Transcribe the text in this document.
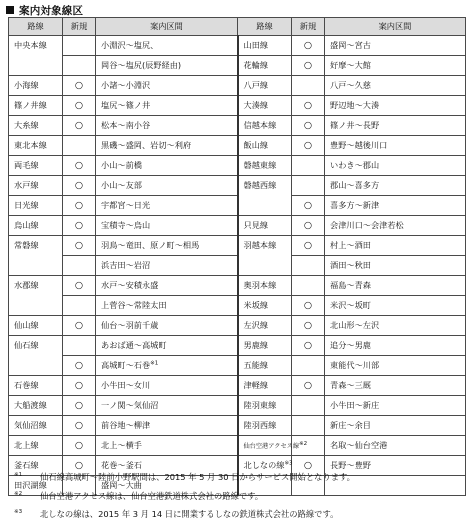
案内対象線区
路線	新規	案内区間	路線	新規	案内区間
中央本線		小淵沢～塩尻、	山田線	○	盛岡～宮古
		岡谷～塩尻(辰野経由)	花輪線	○	好摩～大館
小海線	○	小諸～小淵沢	八戸線		八戸～久慈
篠ノ井線	○	塩尻～篠ノ井	大湊線	○	野辺地～大湊
大糸線	○	松本～南小谷	信越本線	○	篠ノ井～長野
東北本線		黒磯～盛岡、岩切～利府	飯山線	○	豊野～越後川口
両毛線	○	小山～前橋	磐越東線		いわき～郡山
水戸線	○	小山～友部	磐越西線		郡山～喜多方
日光線	○	宇都宮～日光		○	喜多方～新津
烏山線	○	宝積寺～烏山	只見線	○	会津川口～会津若松
常磐線	○	羽鳥～竜田、原ノ町～相馬	羽越本線	○	村上～酒田
		浜吉田～岩沼			酒田～秋田
水郡線	○	水戸～安積永盛	奥羽本線		福島～青森
		上菅谷～常陸太田	米坂線	○	米沢～坂町
仙山線	○	仙台～羽前千歳	左沢線	○	北山形～左沢
仙石線		あおば通～高城町	男鹿線	○	追分～男鹿
	○	高城町～石巻$^{※1}$	五能線		東能代～川部
石巻線	○	小牛田～女川	津軽線	○	青森～三厩
大船渡線	○	一ノ関～気仙沼	陸羽東線		小牛田～新庄
気仙沼線	○	前谷地～柳津	陸羽西線		新庄～余目
北上線	○	北上～横手	仙台空港アクセス線$^{※2}$		名取～仙台空港
釜石線	○	花巻～釜石	北しなの線$^{※3}$	○	長野～豊野
田沢湖線		盛岡～大曲			
$^{※1}$	仙石線高城町～陸前小野駅間は、2015 年 5 月 30 日からサービス開始となります。
$^{※2}$	仙台空港アクセス線は、仙台空港鉄道株式会社の路線です。
$^{※3}$	北しなの線は、2015 年 3 月 14 日に開業するしなの鉄道株式会社の路線です。
